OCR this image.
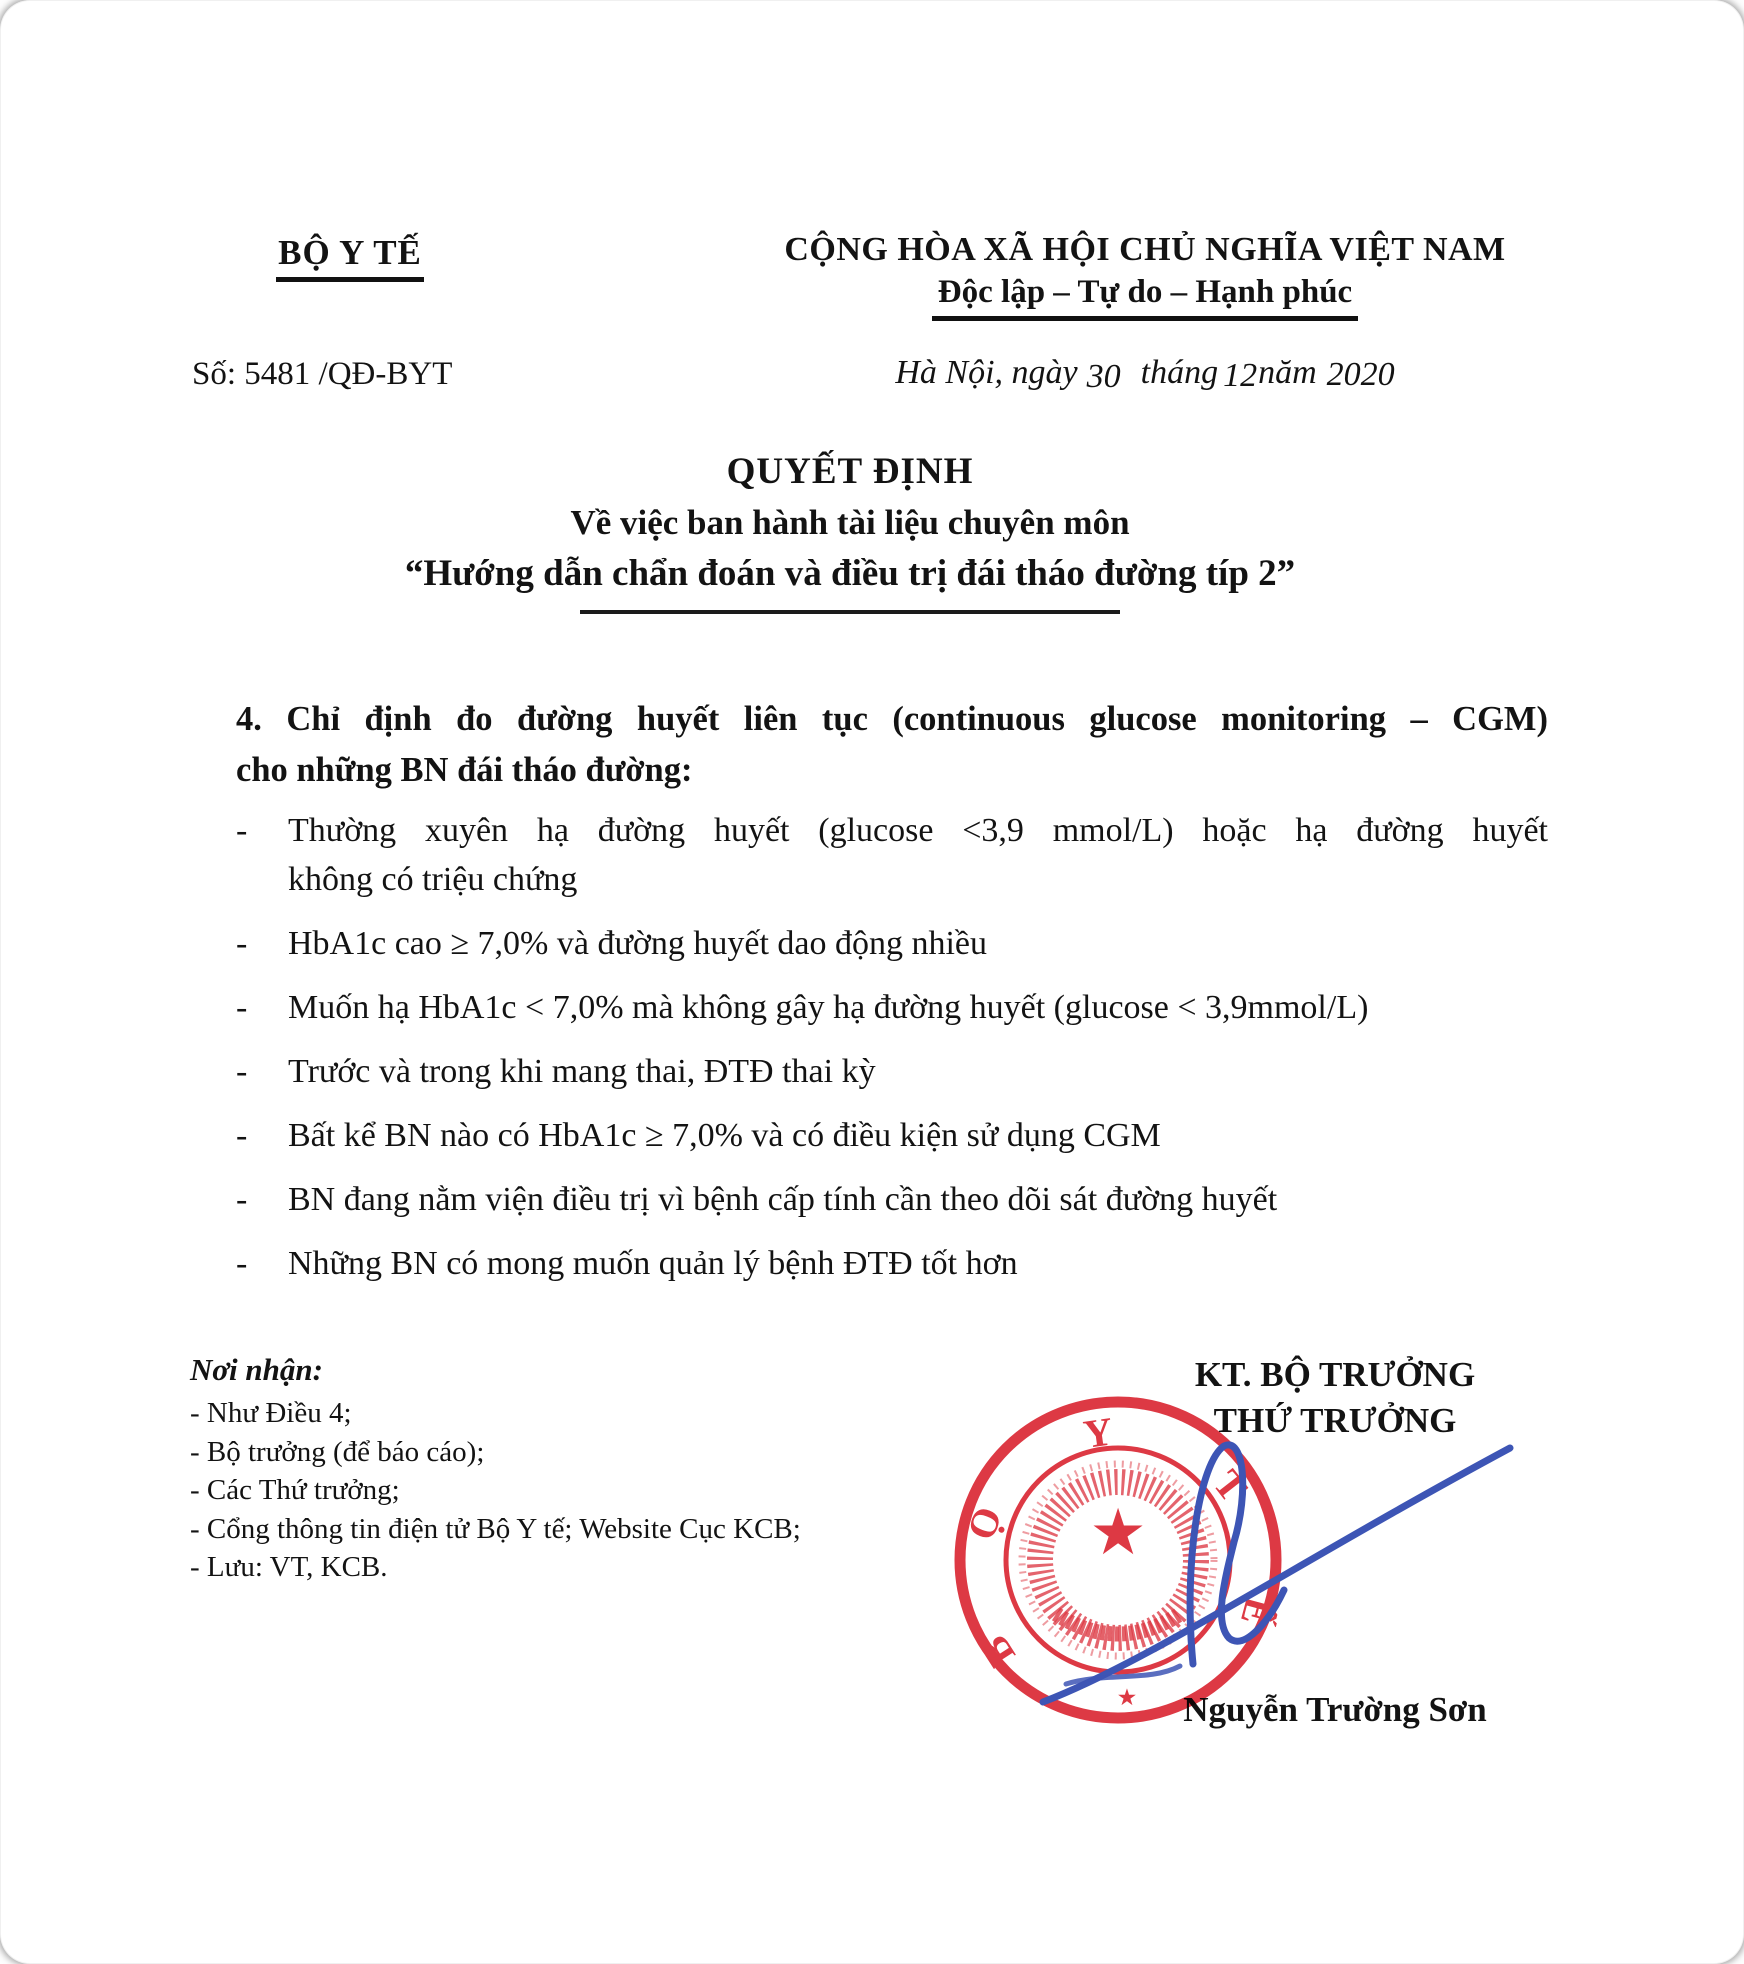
BỘ Y TẾ	CỘNG HÒA XÃ HỘI CHỦ NGHĨA VIỆT NAM
Độc lập – Tự do – Hạnh phúc
Số: 5481 /QĐ-BYT	Hà Nội, ngày 30 tháng 12năm 2020
QUYẾT ĐỊNH
Về việc ban hành tài liệu chuyên môn
“Hướng dẫn chẩn đoán và điều trị đái tháo đường típ 2”
4. Chỉ định đo đường huyết liên tục (continuous glucose monitoring – CGM)
cho những BN đái tháo đường:
-	Thường xuyên hạ đường huyết (glucose <3,9 mmol/L) hoặc hạ đường huyết
không có triệu chứng
-	HbA1c cao ≥ 7,0% và đường huyết dao động nhiều
-	Muốn hạ HbA1c < 7,0% mà không gây hạ đường huyết (glucose < 3,9mmol/L)
-	Trước và trong khi mang thai, ĐTĐ thai kỳ
-	Bất kể BN nào có HbA1c ≥ 7,0% và có điều kiện sử dụng CGM
-	BN đang nằm viện điều trị vì bệnh cấp tính cần theo dõi sát đường huyết
-	Những BN có mong muốn quản lý bệnh ĐTĐ tốt hơn
Nơi nhận:
- Như Điều 4;
- Bộ trưởng (để báo cáo);
- Các Thứ trưởng;
- Cổng thông tin điện tử Bộ Y tế; Website Cục KCB;
- Lưu: VT, KCB.
KT. BỘ TRƯỞNG
THỨ TRƯỞNG
Nguyễn Trường Sơn
★
B
Ộ
Y
T
Ế
★
